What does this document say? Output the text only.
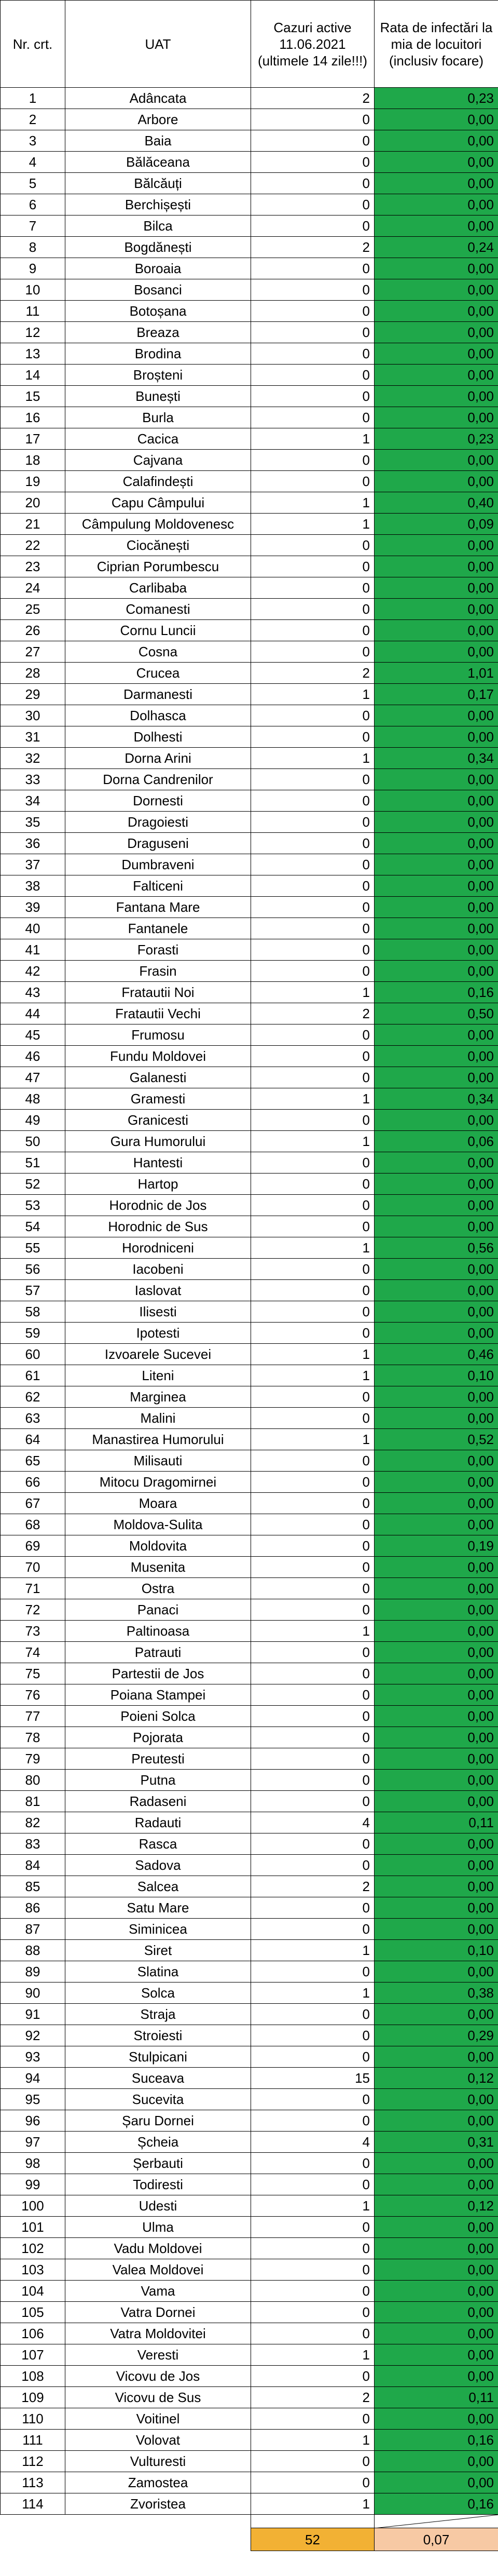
Nr. crt.	UAT	Cazuri active 11.06.2021 (ultimele 14 zile!!!)	Rata de infectări la mia de locuitori (inclusiv focare)
1	Adâncata	2	0,23
2	Arbore	0	0,00
3	Baia	0	0,00
4	Bălăceana	0	0,00
5	Bălcăuți	0	0,00
6	Berchișești	0	0,00
7	Bilca	0	0,00
8	Bogdănești	2	0,24
9	Boroaia	0	0,00
10	Bosanci	0	0,00
11	Botoșana	0	0,00
12	Breaza	0	0,00
13	Brodina	0	0,00
14	Broșteni	0	0,00
15	Bunești	0	0,00
16	Burla	0	0,00
17	Cacica	1	0,23
18	Cajvana	0	0,00
19	Calafindești	0	0,00
20	Capu Câmpului	1	0,40
21	Câmpulung Moldovenesc	1	0,09
22	Ciocănești	0	0,00
23	Ciprian Porumbescu	0	0,00
24	Carlibaba	0	0,00
25	Comanesti	0	0,00
26	Cornu Luncii	0	0,00
27	Cosna	0	0,00
28	Crucea	2	1,01
29	Darmanesti	1	0,17
30	Dolhasca	0	0,00
31	Dolhesti	0	0,00
32	Dorna Arini	1	0,34
33	Dorna Candrenilor	0	0,00
34	Dornesti	0	0,00
35	Dragoiesti	0	0,00
36	Draguseni	0	0,00
37	Dumbraveni	0	0,00
38	Falticeni	0	0,00
39	Fantana Mare	0	0,00
40	Fantanele	0	0,00
41	Forasti	0	0,00
42	Frasin	0	0,00
43	Fratautii Noi	1	0,16
44	Fratautii Vechi	2	0,50
45	Frumosu	0	0,00
46	Fundu Moldovei	0	0,00
47	Galanesti	0	0,00
48	Gramesti	1	0,34
49	Granicesti	0	0,00
50	Gura Humorului	1	0,06
51	Hantesti	0	0,00
52	Hartop	0	0,00
53	Horodnic de Jos	0	0,00
54	Horodnic de Sus	0	0,00
55	Horodniceni	1	0,56
56	Iacobeni	0	0,00
57	Iaslovat	0	0,00
58	Ilisesti	0	0,00
59	Ipotesti	0	0,00
60	Izvoarele Sucevei	1	0,46
61	Liteni	1	0,10
62	Marginea	0	0,00
63	Malini	0	0,00
64	Manastirea Humorului	1	0,52
65	Milisauti	0	0,00
66	Mitocu Dragomirnei	0	0,00
67	Moara	0	0,00
68	Moldova-Sulita	0	0,00
69	Moldovita	0	0,19
70	Musenita	0	0,00
71	Ostra	0	0,00
72	Panaci	0	0,00
73	Paltinoasa	1	0,00
74	Patrauti	0	0,00
75	Partestii de Jos	0	0,00
76	Poiana Stampei	0	0,00
77	Poieni Solca	0	0,00
78	Pojorata	0	0,00
79	Preutesti	0	0,00
80	Putna	0	0,00
81	Radaseni	0	0,00
82	Radauti	4	0,11
83	Rasca	0	0,00
84	Sadova	0	0,00
85	Salcea	2	0,00
86	Satu Mare	0	0,00
87	Siminicea	0	0,00
88	Siret	1	0,10
89	Slatina	0	0,00
90	Solca	1	0,38
91	Straja	0	0,00
92	Stroiesti	0	0,29
93	Stulpicani	0	0,00
94	Suceava	15	0,12
95	Sucevita	0	0,00
96	Șaru Dornei	0	0,00
97	Șcheia	4	0,31
98	Șerbauti	0	0,00
99	Todiresti	0	0,00
100	Udesti	1	0,12
101	Ulma	0	0,00
102	Vadu Moldovei	0	0,00
103	Valea Moldovei	0	0,00
104	Vama	0	0,00
105	Vatra Dornei	0	0,00
106	Vatra Moldovitei	0	0,00
107	Veresti	1	0,00
108	Vicovu de Jos	0	0,00
109	Vicovu de Sus	2	0,11
110	Voitinel	0	0,00
111	Volovat	1	0,16
112	Vulturesti	0	0,00
113	Zamostea	0	0,00
114	Zvoristea	1	0,16

		52	0,07
